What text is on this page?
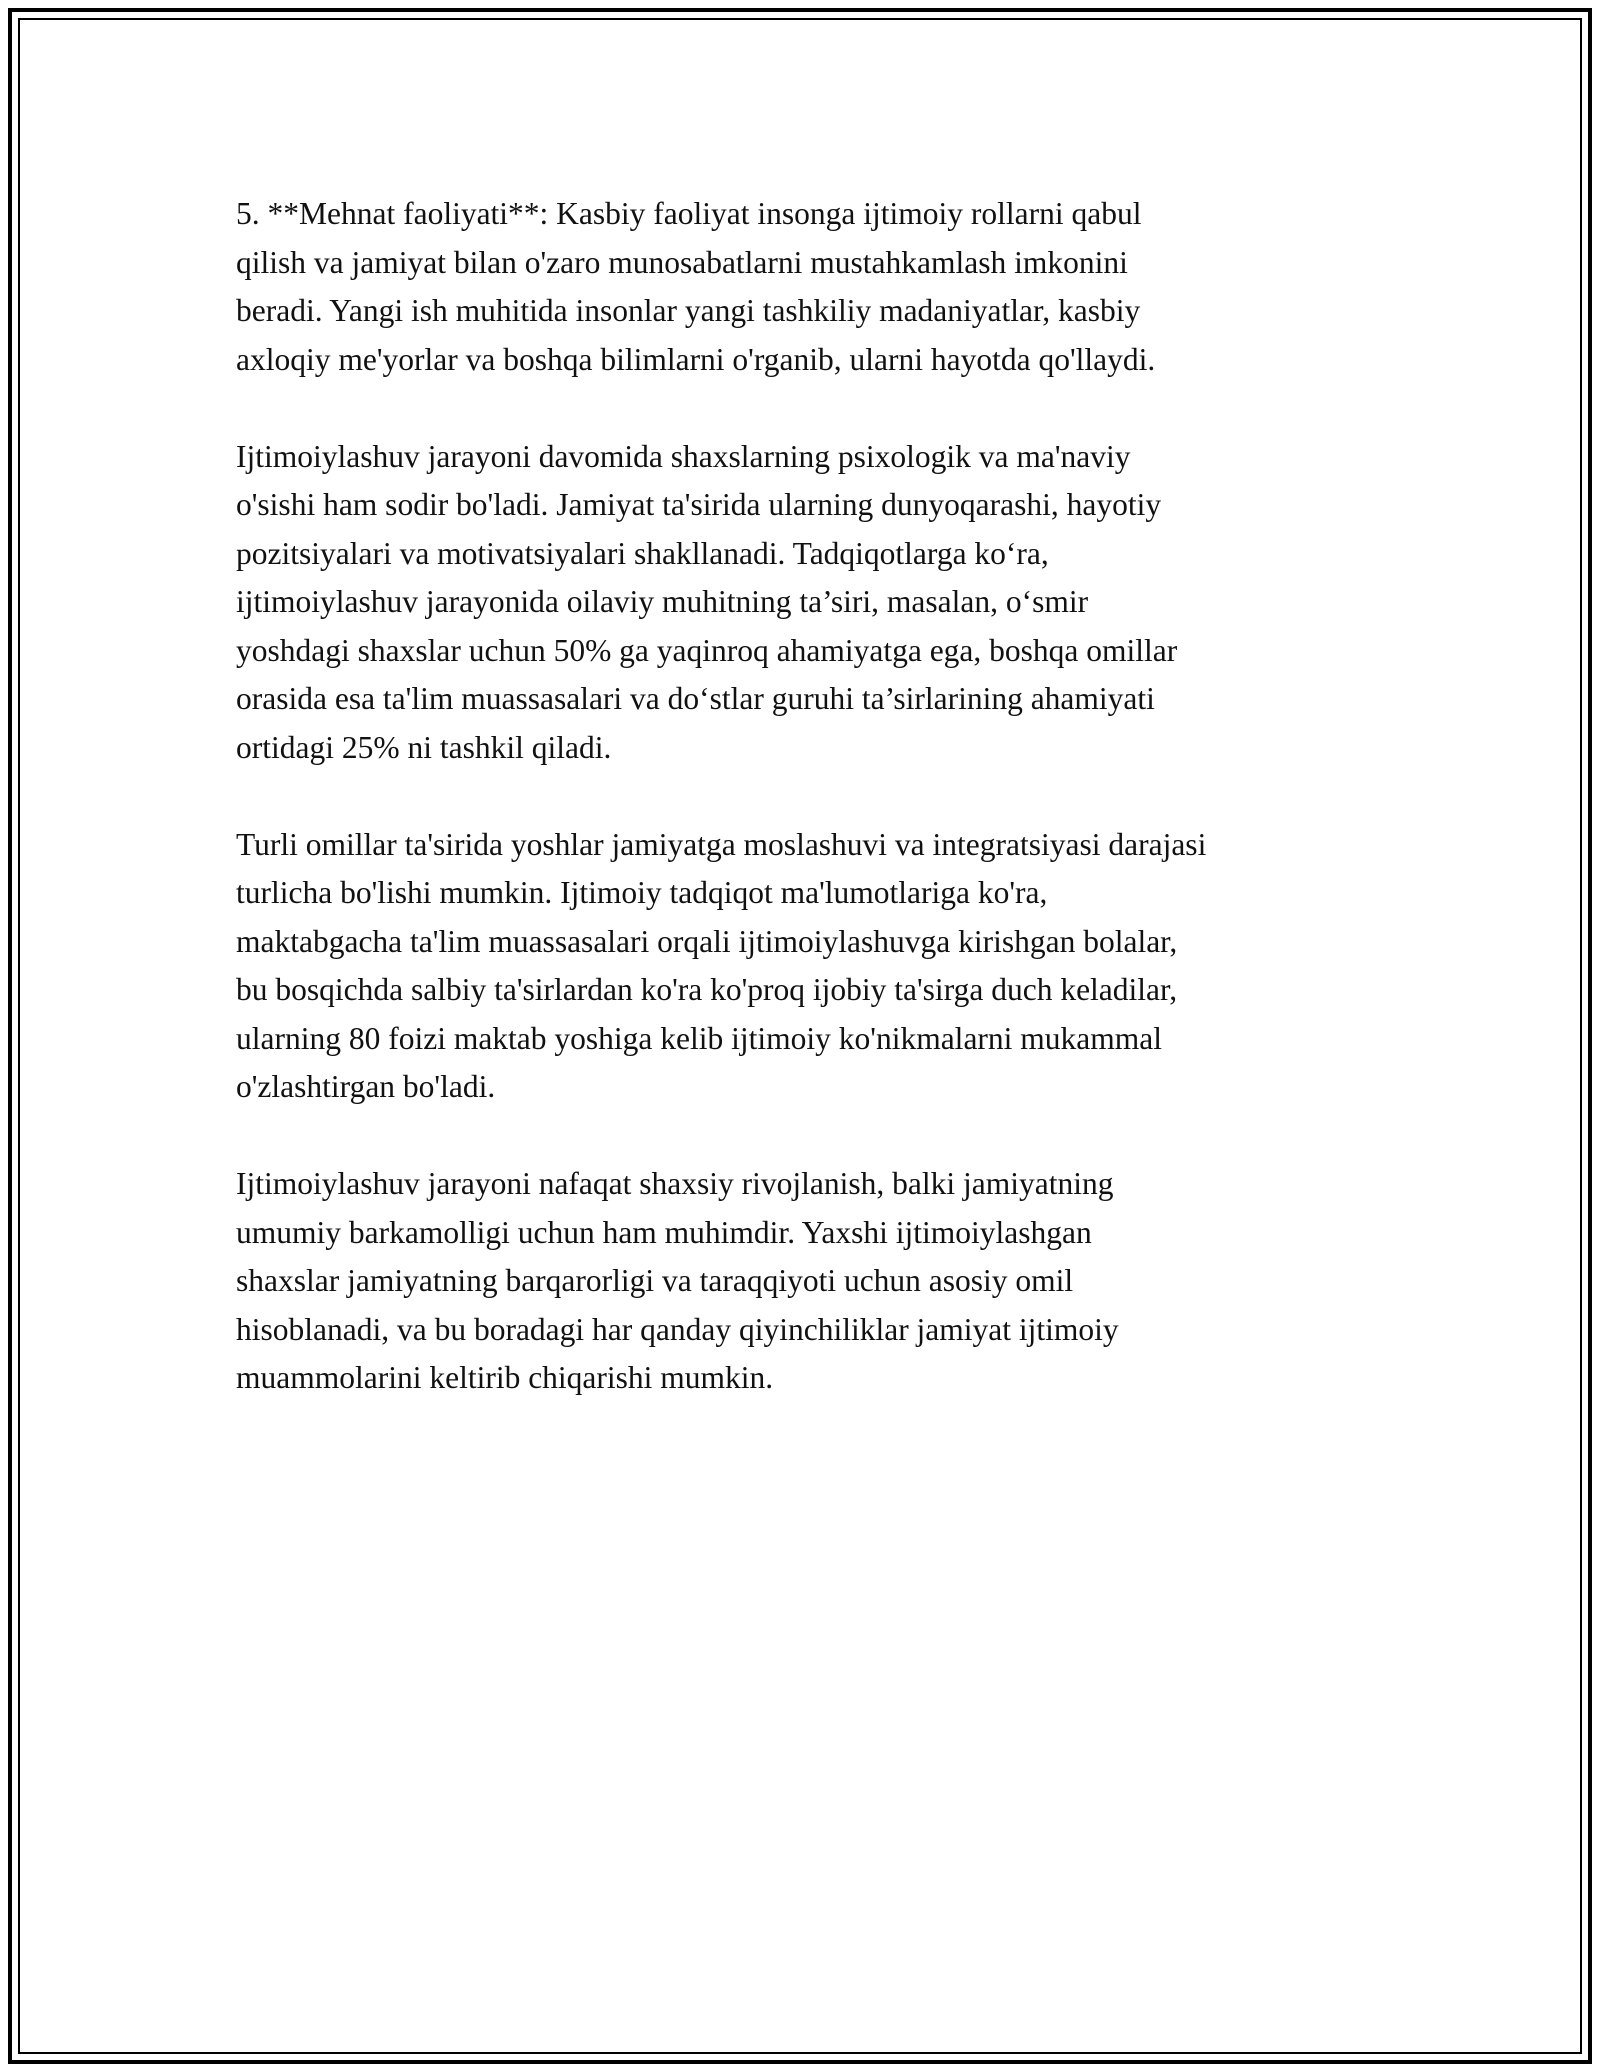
5. **Mehnat faoliyati**: Kasbiy faoliyat insonga ijtimoiy rollarni qabul
qilish va jamiyat bilan o'zaro munosabatlarni mustahkamlash imkonini
beradi. Yangi ish muhitida insonlar yangi tashkiliy madaniyatlar, kasbiy
axloqiy me'yorlar va boshqa bilimlarni o'rganib, ularni hayotda qo'llaydi.

Ijtimoiylashuv jarayoni davomida shaxslarning psixologik va ma'naviy
o'sishi ham sodir bo'ladi. Jamiyat ta'sirida ularning dunyoqarashi, hayotiy
pozitsiyalari va motivatsiyalari shakllanadi. Tadqiqotlarga ko‘ra,
ijtimoiylashuv jarayonida oilaviy muhitning ta’siri, masalan, o‘smir
yoshdagi shaxslar uchun 50% ga yaqinroq ahamiyatga ega, boshqa omillar
orasida esa ta'lim muassasalari va do‘stlar guruhi ta’sirlarining ahamiyati
ortidagi 25% ni tashkil qiladi.

Turli omillar ta'sirida yoshlar jamiyatga moslashuvi va integratsiyasi darajasi
turlicha bo'lishi mumkin. Ijtimoiy tadqiqot ma'lumotlariga ko'ra,
maktabgacha ta'lim muassasalari orqali ijtimoiylashuvga kirishgan bolalar,
bu bosqichda salbiy ta'sirlardan ko'ra ko'proq ijobiy ta'sirga duch keladilar,
ularning 80 foizi maktab yoshiga kelib ijtimoiy ko'nikmalarni mukammal
o'zlashtirgan bo'ladi.

Ijtimoiylashuv jarayoni nafaqat shaxsiy rivojlanish, balki jamiyatning
umumiy barkamolligi uchun ham muhimdir. Yaxshi ijtimoiylashgan
shaxslar jamiyatning barqarorligi va taraqqiyoti uchun asosiy omil
hisoblanadi, va bu boradagi har qanday qiyinchiliklar jamiyat ijtimoiy
muammolarini keltirib chiqarishi mumkin.
